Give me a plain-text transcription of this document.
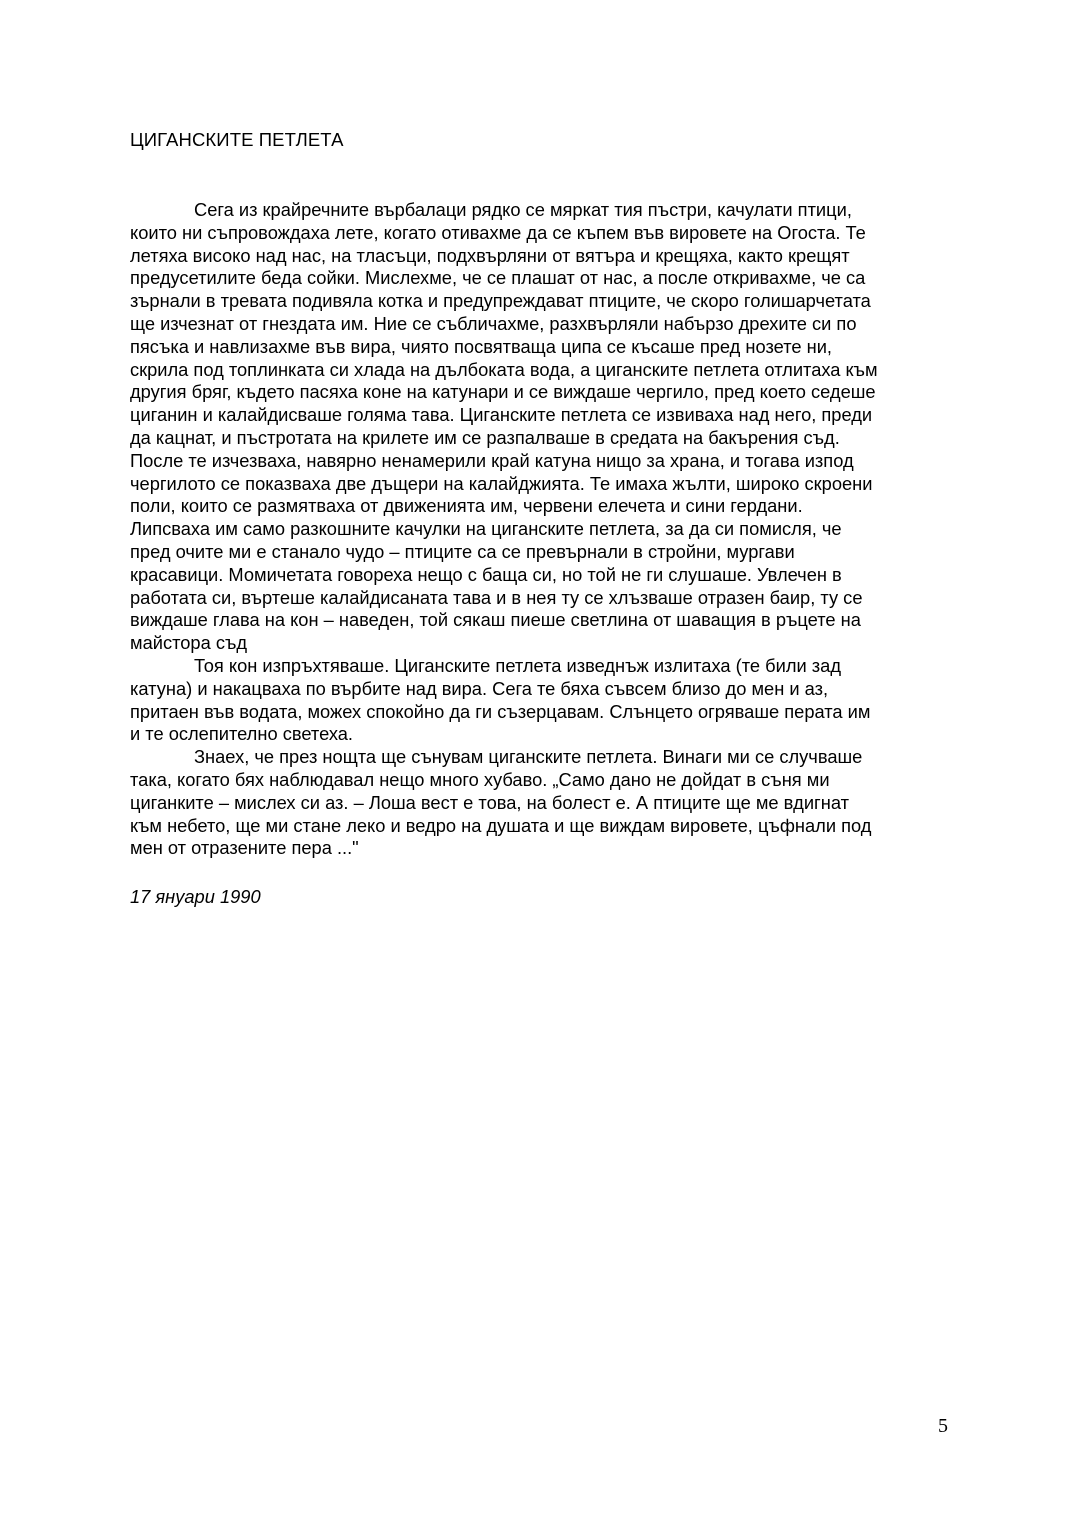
ЦИГАНСКИТЕ ПЕТЛЕТА

Сега из крайречните върбалаци рядко се мяркат тия пъстри, качулати птици,
които ни съпровождаха лете, когато отивахме да се къпем във вировете на Огоста. Те
летяха високо над нас, на тласъци, подхвърляни от вятъра и крещяха, както крещят
предусетилите беда сойки. Мислехме, че се плашат от нас, а после откривахме, че са
зърнали в тревата подивяла котка и предупреждават птиците, че скоро голишарчетата
ще изчезнат от гнездата им. Ние се събличахме, разхвърляли набързо дрехите си по
пясъка и навлизахме във вира, чиято посвятваща ципа се късаше пред нозете ни,
скрила под топлинката си хлада на дълбоката вода, а циганските петлета отлитаха към
другия бряг, където пасяха коне на катунари и се виждаше чергило, пред което седеше
циганин и калайдисваше голяма тава. Циганските петлета се извиваха над него, преди
да кацнат, и пъстротата на крилете им се разпалваше в средата на бакърения съд.
После те изчезваха, навярно ненамерили край катуна нищо за храна, и тогава изпод
чергилото се показваха две дъщери на калайджията. Те имаха жълти, широко скроени
поли, които се размятваха от движенията им, червени елечета и сини гердани.
Липсваха им само разкошните качулки на циганските петлета, за да си помисля, че
пред очите ми е станало чудо – птиците са се превърнали в стройни, мургави
красавици. Момичетата говореха нещо с баща си, но той не ги слушаше. Увлечен в
работата си, въртеше калайдисаната тава и в нея ту се хлъзваше отразен баир, ту се
виждаше глава на кон – наведен, той сякаш пиеше светлина от шаващия в ръцете на
майстора съд

Тоя кон изпръхтяваше. Циганските петлета изведнъж излитаха (те били зад
катуна) и накацваха по върбите над вира. Сега те бяха съвсем близо до мен и аз,
притаен във водата, можех спокойно да ги съзерцавам. Слънцето огряваше перата им
и те ослепително светеха.

Знаех, че през нощта ще сънувам циганските петлета. Винаги ми се случваше
така, когато бях наблюдавал нещо много хубаво. „Само дано не дойдат в съня ми
циганките – мислех си аз. – Лоша вест е това, на болест е. А птиците ще ме вдигнат
към небето, ще ми стане леко и ведро на душата и ще виждам вировете, цъфнали под
мен от отразените пера ..."

17 януари 1990

5
